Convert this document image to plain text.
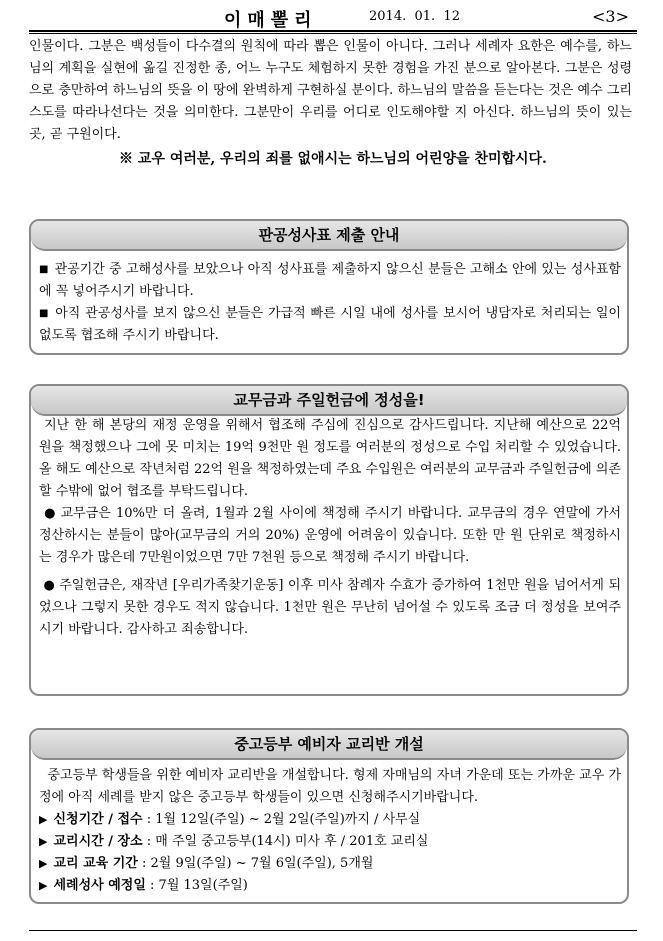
이매뽈리	2014.  01.  12	<3>

인물이다. 그분은 백성들이 다수결의 원칙에 따라 뽑은 인물이 아니다. 그러나 세례자 요한은 예수를, 하느님의 계획을 실현에 옮길 진정한 종, 어느 누구도 체험하지 못한 경험을 가진 분으로 알아본다. 그분은 성령으로 충만하여 하느님의 뜻을 이 땅에 완벽하게 구현하실 분이다. 하느님의 말씀을 듣는다는 것은 예수 그리스도를 따라나선다는 것을 의미한다. 그분만이 우리를 어디로 인도해야할 지 아신다. 하느님의 뜻이 있는 곳, 곧 구원이다.

※ 교우 여러분, 우리의 죄를 없애시는 하느님의 어린양을 찬미합시다.
판공성사표 제출 안내

■ 관공기간 중 고해성사를 보았으나 아직 성사표를 제출하지 않으신 분들은 고해소 안에 있는 성사표함에 꼭 넣어주시기 바랍니다.

■ 아직 관공성사를 보지 않으신 분들은 가급적 빠른 시일 내에 성사를 보시어 냉담자로 처리되는 일이 없도록 협조해 주시기 바랍니다.

교무금과 주일헌금에 정성을!

지난 한 해 본당의 재정 운영을 위해서 협조해 주심에 진심으로 감사드립니다. 지난해 예산으로 22억 원을 책정했으나 그에 못 미치는 19억 9천만 원 정도를 여러분의 정성으로 수입 처리할 수 있었습니다. 올 해도 예산으로 작년처럼 22억 원을 책정하였는데 주요 수입원은 여러분의 교무금과 주일헌금에 의존할 수밖에 없어 협조를 부탁드립니다.

● 교무금은 10%만 더 올려, 1월과 2월 사이에 책정해 주시기 바랍니다. 교무금의 경우 연말에 가서 정산하시는 분들이 많아(교무금의 거의 20%) 운영에 어려움이 있습니다. 또한 만 원 단위로 책정하시는 경우가 많은데 7만원이었으면 7만 7천원 등으로 책정해 주시기 바랍니다.

● 주일헌금은, 재작년 [우리가족찾기운동] 이후 미사 참례자 수효가 증가하여 1천만 원을 넘어서게 되었으나 그렇지 못한 경우도 적지 않습니다. 1천만 원은 무난히 넘어설 수 있도록 조금 더 정성을 보여주시기 바랍니다. 감사하고 죄송합니다.

중고등부 예비자 교리반 개설

중고등부 학생들을 위한 예비자 교리반을 개설합니다. 형제 자매님의 자녀 가운데 또는 가까운 교우 가정에 아직 세례를 받지 않은 중고등부 학생들이 있으면 신청해주시기바랍니다.

▶ 신청기간 / 접수 : 1월 12일(주일) ~ 2월 2일(주일)까지 / 사무실

▶ 교리시간 / 장소 : 매 주일 중고등부(14시) 미사 후 / 201호 교리실

▶ 교리 교육 기간 : 2월 9일(주일) ~ 7월 6일(주일), 5개월

▶ 세례성사 예정일 : 7월 13일(주일)
